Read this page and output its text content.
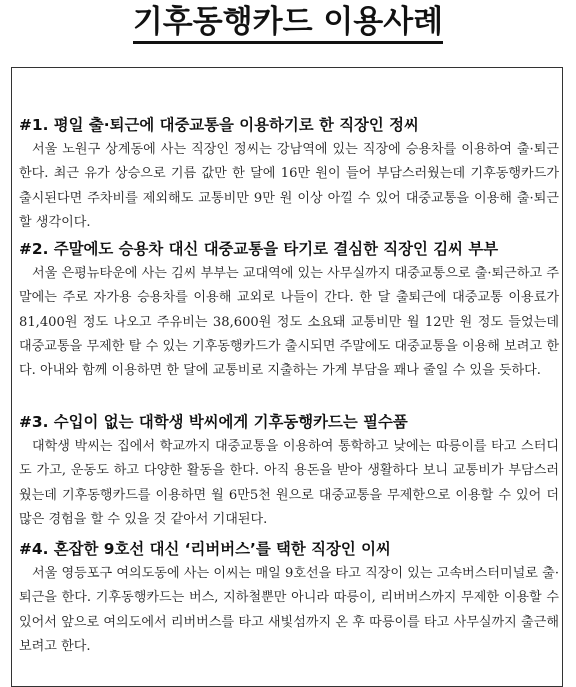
기후동행카드 이용사례
#1. 평일 출·퇴근에 대중교통을 이용하기로 한 직장인 정씨

서울 노원구 상계동에 사는 직장인 정씨는 강남역에 있는 직장에 승용차를 이용하여 출·퇴근한다. 최근 유가 상승으로 기름 값만 한 달에 16만 원이 들어 부담스러웠는데 기후동행카드가 출시된다면 주차비를 제외해도 교통비만 9만 원 이상 아낄 수 있어 대중교통을 이용해 출·퇴근할 생각이다.

#2. 주말에도 승용차 대신 대중교통을 타기로 결심한 직장인 김씨 부부

서울 은평뉴타운에 사는 김씨 부부는 교대역에 있는 사무실까지 대중교통으로 출·퇴근하고 주말에는 주로 자가용 승용차를 이용해 교외로 나들이 간다. 한 달 출퇴근에 대중교통 이용료가 81,400원 정도 나오고 주유비는 38,600원 정도 소요돼 교통비만 월 12만 원 정도 들었는데 대중교통을 무제한 탈 수 있는 기후동행카드가 출시되면 주말에도 대중교통을 이용해 보려고 한다. 아내와 함께 이용하면 한 달에 교통비로 지출하는 가계 부담을 꽤나 줄일 수 있을 듯하다.

#3. 수입이 없는 대학생 박씨에게 기후동행카드는 필수품

대학생 박씨는 집에서 학교까지 대중교통을 이용하여 통학하고 낮에는 따릉이를 타고 스터디도 가고, 운동도 하고 다양한 활동을 한다. 아직 용돈을 받아 생활하다 보니 교통비가 부담스러웠는데 기후동행카드를 이용하면 월 6만5천 원으로 대중교통을 무제한으로 이용할 수 있어 더 많은 경험을 할 수 있을 것 같아서 기대된다.

#4. 혼잡한 9호선 대신 ‘리버버스’를 택한 직장인 이씨

서울 영등포구 여의도동에 사는 이씨는 매일 9호선을 타고 직장이 있는 고속버스터미널로 출·퇴근을 한다. 기후동행카드는 버스, 지하철뿐만 아니라 따릉이, 리버버스까지 무제한 이용할 수 있어서 앞으로 여의도에서 리버버스를 타고 새빛섬까지 온 후 따릉이를 타고 사무실까지 출근해 보려고 한다.
